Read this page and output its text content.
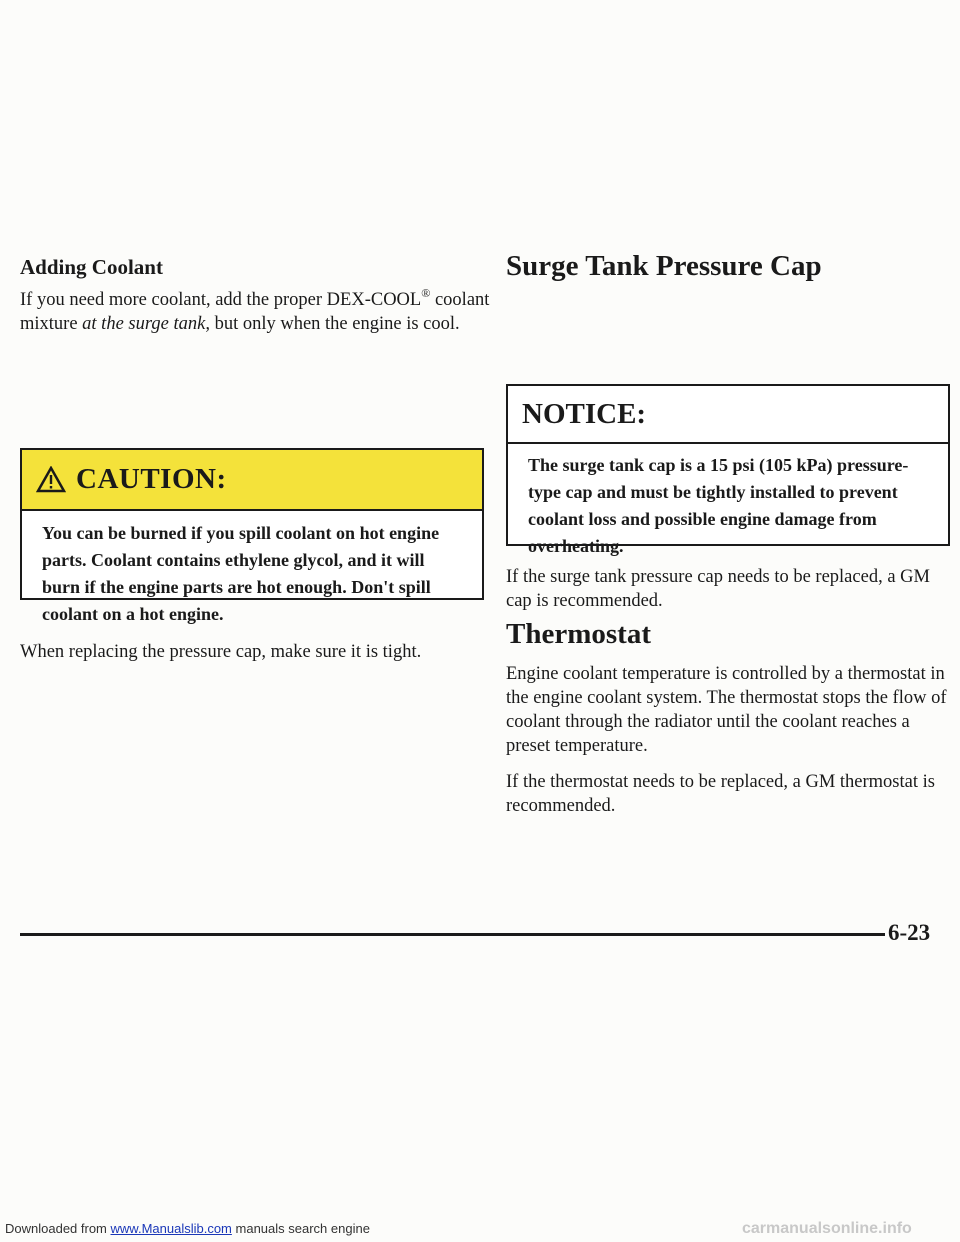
Adding Coolant
If you need more coolant, add the proper DEX-COOL® coolant mixture at the surge tank, but only when the engine is cool.
CAUTION:
You can be burned if you spill coolant on hot engine parts. Coolant contains ethylene glycol, and it will burn if the engine parts are hot enough. Don't spill coolant on a hot engine.
When replacing the pressure cap, make sure it is tight.
Surge Tank Pressure Cap
NOTICE:
The surge tank cap is a 15 psi (105 kPa) pressure-type cap and must be tightly installed to prevent coolant loss and possible engine damage from overheating.
If the surge tank pressure cap needs to be replaced, a GM cap is recommended.
Thermostat
Engine coolant temperature is controlled by a thermostat in the engine coolant system. The thermostat stops the flow of coolant through the radiator until the coolant reaches a preset temperature.
If the thermostat needs to be replaced, a GM thermostat is recommended.
6-23
Downloaded from www.Manualslib.com manuals search engine	carmanualsonline.info
